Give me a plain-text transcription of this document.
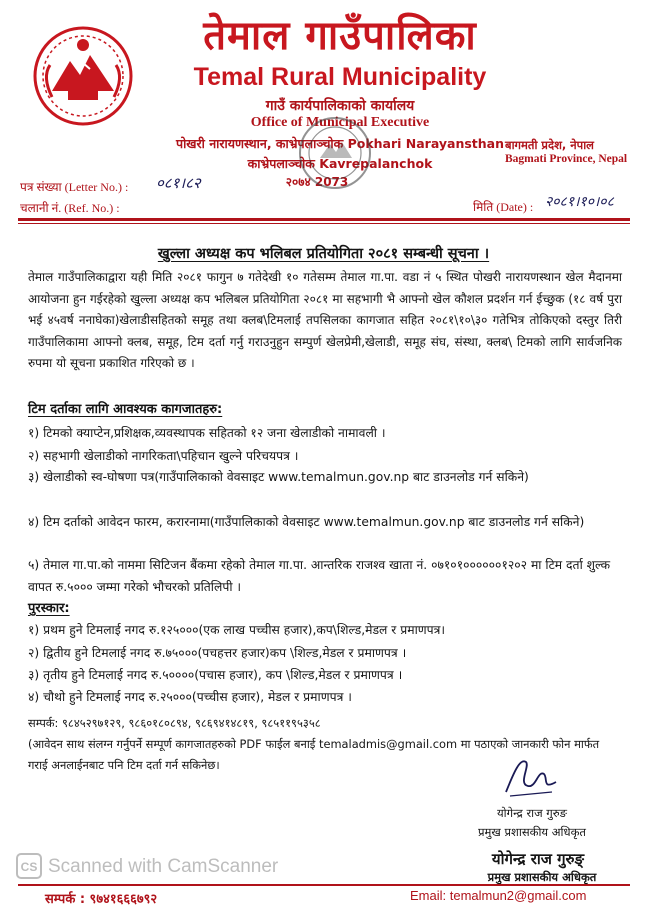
तेमाल गाउँपालिका
Temal Rural Municipality
गाउँ कार्यपालिकाको कार्यालय
Office of Municipal Executive
पोखरी नारायणस्थान, काभ्रेपलाञ्चोक Pokhari Narayansthan
काभ्रेपलाञ्चोक Kavrepalanchok
२०७४ 2073
बागमती प्रदेश, नेपाल
Bagmati Province, Nepal
पत्र संख्या (Letter No.) : ०८१।८२
चलानी नं. (Ref. No.) :	मिति (Date) : २०८१।१०।०८
खुल्ला अध्यक्ष कप भलिबल प्रतियोगिता २०८१ सम्बन्धी सूचना ।
तेमाल गाउँपालिकाद्वारा यही मिति २०८१ फागुन ७ गतेदेखी १० गतेसम्म तेमाल गा.पा. वडा नं ५ स्थित पोखरी नारायणस्थान खेल मैदानमा आयोजना हुन गईरहेको खुल्ला अध्यक्ष कप भलिबल प्रतियोगिता २०८१ मा सहभागी भै आफ्नो खेल कौशल प्रदर्शन गर्न ईच्छुक (१८ वर्ष पुरा भई ४५वर्ष ननाघेका)खेलाडीसहितको समूह तथा क्लब\टिमलाई तपसिलका कागजात सहित २०८१\१०\३० गतेभित्र तोकिएको दस्तुर तिरी गाउँपालिकामा आफ्नो क्लब, समूह, टिम दर्ता गर्नु गराउनुहुन सम्पुर्ण खेलप्रेमी,खेलाडी, समूह संघ, संस्था, क्लब\ टिमको लागि सार्वजनिक रुपमा यो सूचना प्रकाशित गरिएको छ ।
टिम दर्ताका लागि आवश्यक कागजातहरु:
१) टिमको क्याप्टेन,प्रशिक्षक,व्यवस्थापक सहितको १२ जना खेलाडीको नामावली ।
२) सहभागी खेलाडीको नागरिकता\पहिचान खुल्ने परिचयपत्र ।
३) खेलाडीको स्व-घोषणा पत्र(गाउँपालिकाको वेवसाइट www.temalmun.gov.np बाट डाउनलोड गर्न सकिने)
४) टिम दर्ताको आवेदन फारम, करारनामा(गाउँपालिकाको वेवसाइट www.temalmun.gov.np बाट डाउनलोड गर्न सकिने)
५) तेमाल गा.पा.को नाममा सिटिजन बैंकमा रहेको तेमाल गा.पा. आन्तरिक राजश्व खाता नं. ०७१०१००००००१२०२ मा टिम दर्ता शुल्क वापत रु.५००० जम्मा गरेको भौचरको प्रतिलिपी ।
पुरस्कार:
१) प्रथम हुने टिमलाई नगद रु.१२५०००(एक लाख पच्चीस हजार),कप\शिल्ड,मेडल र प्रमाणपत्र।
२) द्वितीय हुने टिमलाई नगद रु.७५०००(पचहत्तर हजार)कप \शिल्ड,मेडल र प्रमाणपत्र ।
३) तृतीय हुने टिमलाई नगद रु.५००००(पचास हजार), कप \शिल्ड,मेडल र प्रमाणपत्र ।
४) चौथो हुने टिमलाई नगद रु.२५०००(पच्चीस हजार), मेडल र प्रमाणपत्र ।
सम्पर्क: ९८४५२९७१२९, ९८६०१८०८९४, ९८६९४१४८१९, ९८५११९५३५८
(आवेदन साथ संलग्न गर्नुपर्ने सम्पूर्ण कागजातहरुको PDF फाईल बनाई temaladmis@gmail.com मा पठाएको जानकारी फोन मार्फत गराई अनलाईनबाट पनि टिम दर्ता गर्न सकिनेछ।
योगेन्द्र राज गुरुङ
प्रमुख प्रशासकीय अधिकृत
योगेन्द्र राज गुरुङ्
प्रमुख प्रशासकीय अधिकृत
CS Scanned with CamScanner
सम्पर्क : ९७४१६६६७९२	Email: temalmun2@gmail.com
